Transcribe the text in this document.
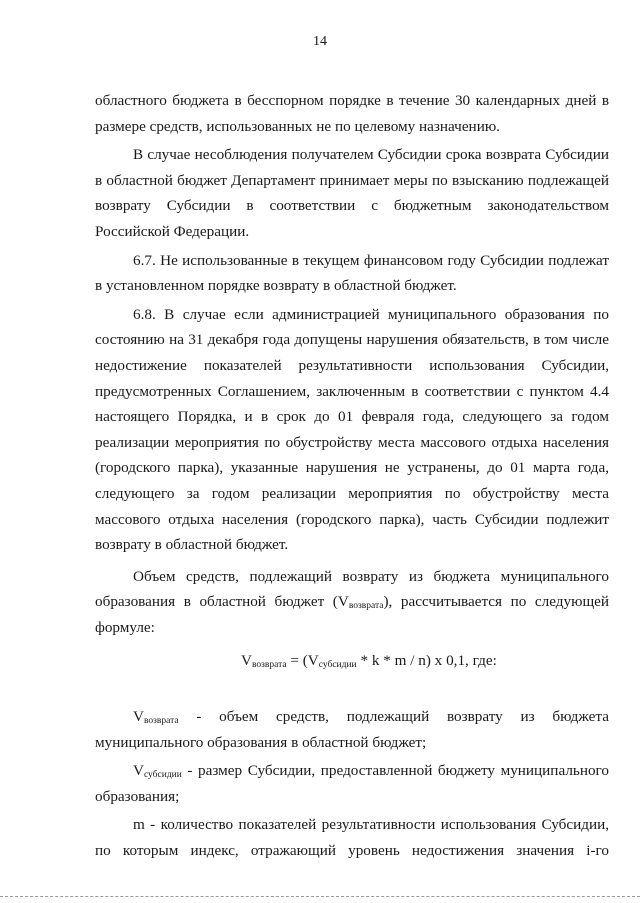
14

областного бюджета в бесспорном порядке в течение 30 календарных дней в размере средств, использованных не по целевому назначению.

В случае несоблюдения получателем Субсидии срока возврата Субсидии в областной бюджет Департамент принимает меры по взысканию подлежащей возврату Субсидии в соответствии с бюджетным законодательством Российской Федерации.

6.7. Не использованные в текущем финансовом году Субсидии подлежат в установленном порядке возврату в областной бюджет.

6.8. В случае если администрацией муниципального образования по состоянию на 31 декабря года допущены нарушения обязательств, в том числе недостижение показателей результативности использования Субсидии, предусмотренных Соглашением, заключенным в соответствии с пунктом 4.4 настоящего Порядка, и в срок до 01 февраля года, следующего за годом реализации мероприятия по обустройству места массового отдыха населения (городского парка), указанные нарушения не устранены, до 01 марта года, следующего за годом реализации мероприятия по обустройству места массового отдыха населения (городского парка), часть Субсидии подлежит возврату в областной бюджет.

Объем средств, подлежащий возврату из бюджета муниципального образования в областной бюджет $(V_{возврата})$, рассчитывается по следующей формуле:

$V_{возврата} = (V_{субсидии} * k * m / n)$ x 0,1, где:

$V_{возврата}$ - объем средств, подлежащий возврату из бюджета муниципального образования в областной бюджет;

$V_{субсидии}$ - размер Субсидии, предоставленной бюджету муниципального образования;

m - количество показателей результативности использования Субсидии, по которым индекс, отражающий уровень недостижения значения i-го
